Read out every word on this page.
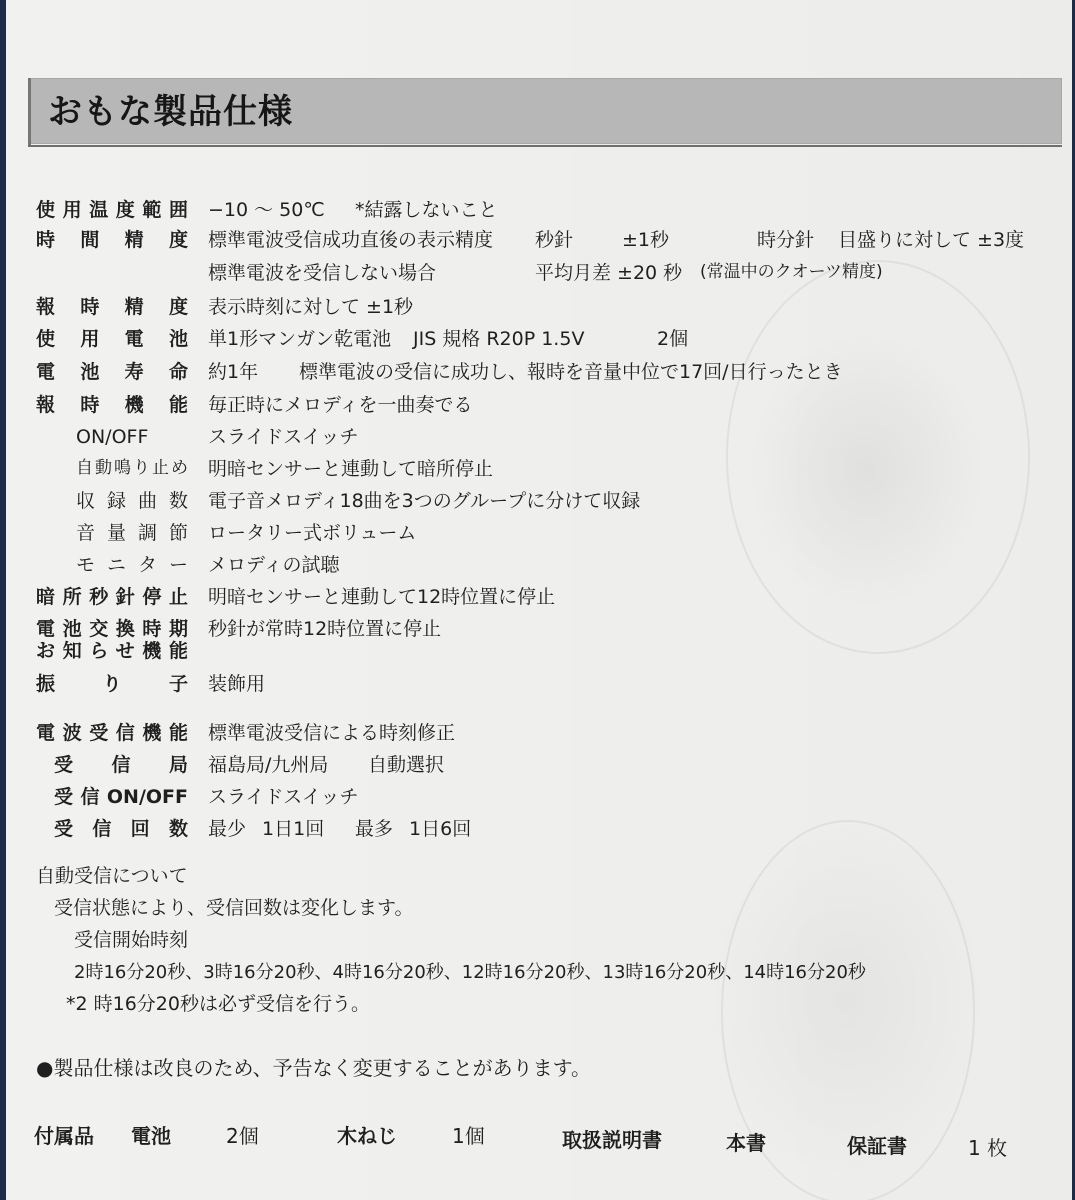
おもな製品仕様
使用温度範囲 −10 〜 50℃ *結露しないこと
時間精度 標準電波受信成功直後の表示精度 秒針	±1秒	時分針 目盛りに対して ±3度
標準電波を受信しない場合	平均月差 ±20 秒 (常温中のクオーツ精度)
報時精度 表示時刻に対して ±1秒
使用電池 単1形マンガン乾電池 JIS 規格 R20P 1.5V	2個
電池寿命 約1年 標準電波の受信に成功し、報時を音量中位で17回/日行ったとき
報時機能 毎正時にメロディを一曲奏でる
ON/OFF	スライドスイッチ
自動鳴り止め 明暗センサーと連動して暗所停止
収録曲数 電子音メロディ18曲を3つのグループに分けて収録
音量調節 ロータリー式ボリューム
モニター メロディの試聴
暗所秒針停止 明暗センサーと連動して12時位置に停止
電池交換時期
お知らせ機能
秒針が常時12時位置に停止
振り子 装飾用
電波受信機能 標準電波受信による時刻修正
受信局 福島局/九州局 自動選択
受信ON/OFF スライドスイッチ
受信回数 最少 1日1回 最多 1日6回
自動受信について
受信状態により、受信回数は変化します。
受信開始時刻
2時16分20秒、3時16分20秒、4時16分20秒、12時16分20秒、13時16分20秒、14時16分20秒
*2 時16分20秒は必ず受信を行う。
●製品仕様は改良のため、予告なく変更することがあります。
付属品 電池	2個	木ねじ	1個	取扱説明書	本書	保証書	1 枚
